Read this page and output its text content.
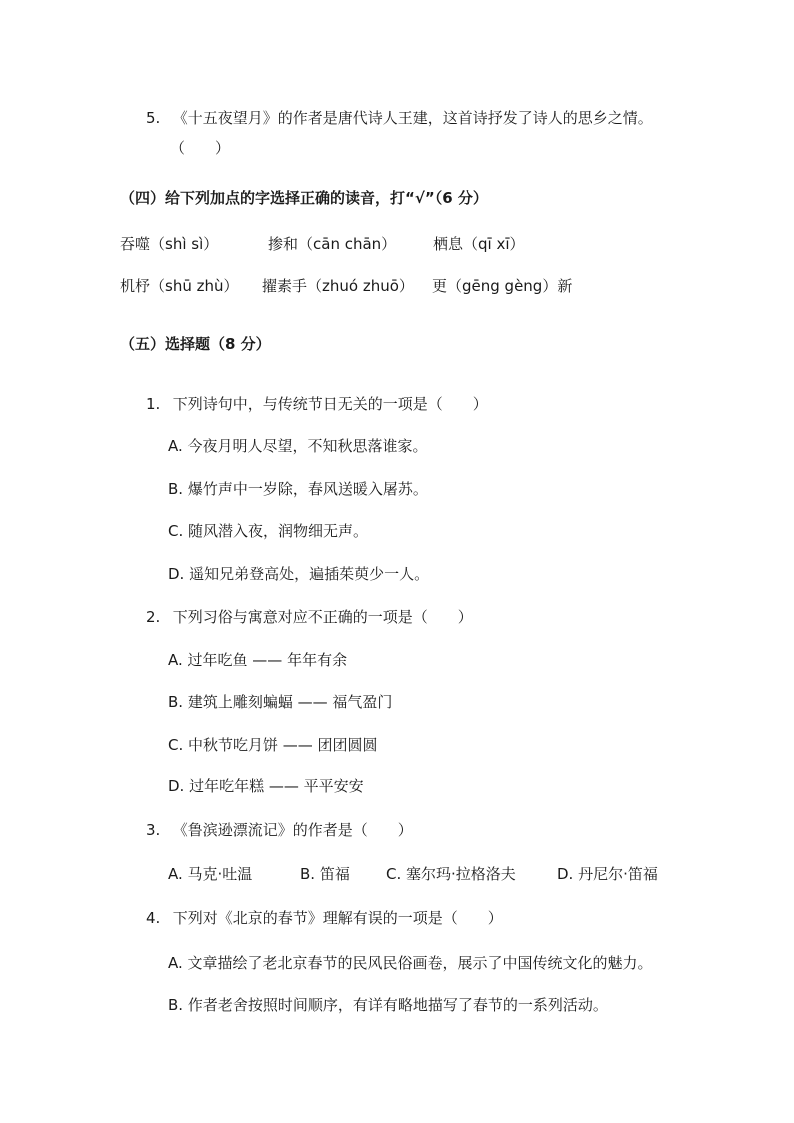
5. 《十五夜望月》的作者是唐代诗人王建，这首诗抒发了诗人的思乡之情。
（　　）
（四）给下列加点的字选择正确的读音，打“√”（6 分）
吞噬（shì sì）	掺和（cān chān） 栖息（qī xī）
机杼（shū zhù） 擢素手（zhuó zhuō） 更（gēng gèng）新
（五）选择题（8 分）
1. 下列诗句中，与传统节日无关的一项是（　　）
A. 今夜月明人尽望，不知秋思落谁家。
B. 爆竹声中一岁除，春风送暖入屠苏。
C. 随风潜入夜，润物细无声。
D. 遥知兄弟登高处，遍插茱萸少一人。
2. 下列习俗与寓意对应不正确的一项是（　　）
A. 过年吃鱼 —— 年年有余
B. 建筑上雕刻蝙蝠 —— 福气盈门
C. 中秋节吃月饼 —— 团团圆圆
D. 过年吃年糕 —— 平平安安
3. 《鲁滨逊漂流记》的作者是（　　）
A. 马克·吐温	B. 笛福 C. 塞尔玛·拉格洛夫	D. 丹尼尔·笛福
4. 下列对《北京的春节》理解有误的一项是（　　）
A. 文章描绘了老北京春节的民风民俗画卷，展示了中国传统文化的魅力。
B. 作者老舍按照时间顺序，有详有略地描写了春节的一系列活动。
